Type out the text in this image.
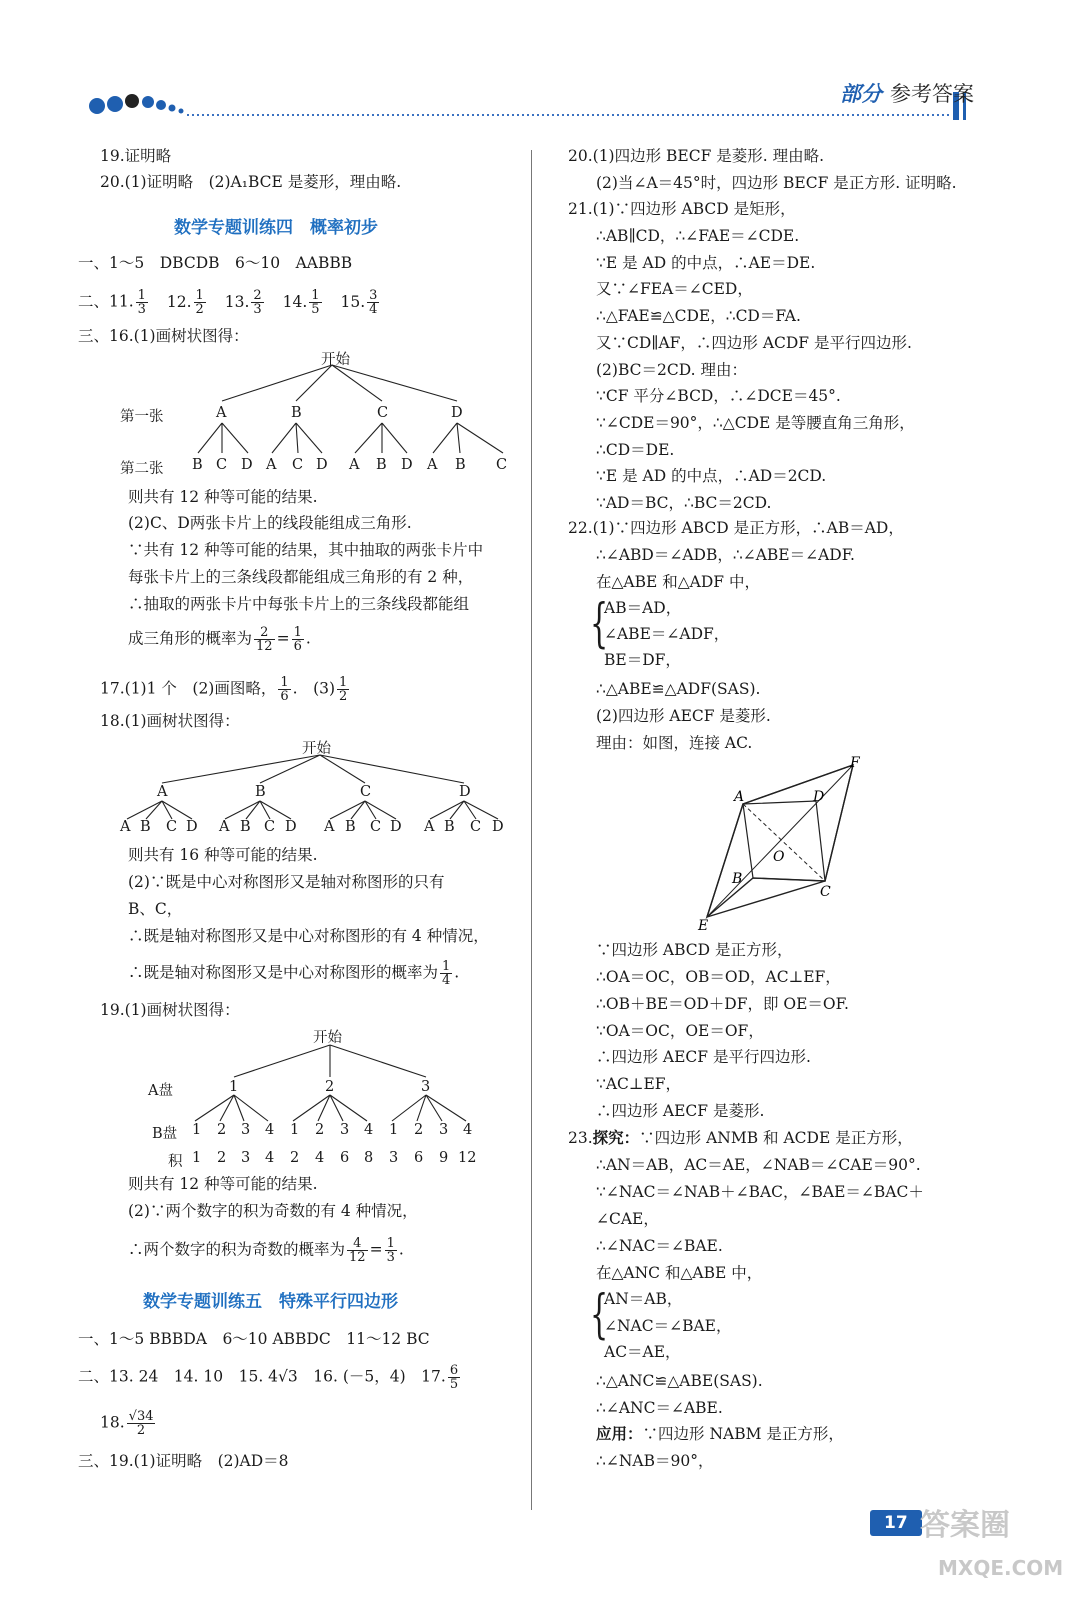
部分 参考答案
19.证明略
20.(1)证明略　(2)A₁BCE 是菱形，理由略.
数学专题训练四　概率初步
一、1～5　DBCDB　6～10　AABBB
二、11. $\frac{1}{3} 12$. $\frac{1}{2} 13$. $\frac{2}{3} 14$. $\frac{1}{5} 15$. $\frac{3}{4}$
三、16.(1)画树状图得：
开始
第一张	A	B	C	D
第二张 B C D A C D A B D A B C
则共有 12 种等可能的结果.
(2)C、D两张卡片上的线段能组成三角形.
∵共有 12 种等可能的结果，其中抽取的两张卡片中
每张卡片上的三条线段都能组成三角形的有 2 种，
∴抽取的两张卡片中每张卡片上的三条线段都能组
成三角形的概率为 $\frac{2}{12} = \frac{1}{6}$ .
17.(1)1 个　(2)画图略， $\frac{1}{6}$ .　$(3) \frac{1}{2}$
18.(1)画树状图得：
开始
A	B	C	D
A B C D A B C D A B C D A B C D
则共有 16 种等可能的结果.
(2)∵既是中心对称图形又是轴对称图形的只有
B、C，
∴既是轴对称图形又是中心对称图形的有 4 种情况，
∴既是轴对称图形又是中心对称图形的概率为 $\frac{1}{4}$ .
19.(1)画树状图得：
开始
A盘	1	2	3
B盘 1 2 3 4 1 2 3 4 1 2 3 4
积 1 2 3 4 2 4 6 8 3 6 9 12
则共有 12 种等可能的结果.
(2)∵两个数字的积为奇数的有 4 种情况，
∴两个数字的积为奇数的概率为 $\frac{4}{12} = \frac{1}{3}$ .
数学专题训练五　特殊平行四边形
一、1～5 BBBDA　6～10 ABBDC　11～12 BC
二、13. 24　14. 10　15. 4√3　16. (－5，4)　17. $\frac{6}{5}$
18. $\frac{√34}{2}$
三、19.(1)证明略　(2)AD＝8
20.(1)四边形 BECF 是菱形. 理由略.
(2)当∠A＝45°时，四边形 BECF 是正方形. 证明略.
21.(1)∵四边形 ABCD 是矩形，
∴AB∥CD，∴∠FAE＝∠CDE.
∵E 是 AD 的中点，∴AE＝DE.
又∵∠FEA＝∠CED，
∴△FAE≌△CDE，∴CD＝FA.
又∵CD∥AF，∴四边形 ACDF 是平行四边形.
(2)BC＝2CD. 理由：
∵CF 平分∠BCD，∴∠DCE＝45°.
∵∠CDE＝90°，∴△CDE 是等腰直角三角形，
∴CD＝DE.
∵E 是 AD 的中点，∴AD＝2CD.
∵AD＝BC，∴BC＝2CD.
22.(1)∵四边形 ABCD 是正方形，∴AB＝AD，
∴∠ABD＝∠ADB，∴∠ABE＝∠ADF.
在△ABE 和△ADF 中，
{
AB＝AD，
∠ABE＝∠ADF，
BE＝DF，
∴△ABE≌△ADF(SAS).
(2)四边形 AECF 是菱形.
理由：如图，连接 AC.
A
B
C
D
E
F
O
∵四边形 ABCD 是正方形，
∴OA＝OC，OB＝OD，AC⊥EF，
∴OB＋BE＝OD＋DF，即 OE＝OF.
∵OA＝OC，OE＝OF，
∴四边形 AECF 是平行四边形.
∵AC⊥EF，
∴四边形 AECF 是菱形.
23.探究：∵四边形 ANMB 和 ACDE 是正方形，
∴AN＝AB，AC＝AE，∠NAB＝∠CAE＝90°.
∵∠NAC＝∠NAB＋∠BAC，∠BAE＝∠BAC＋
∠CAE，
∴∠NAC＝∠BAE.
在△ANC 和△ABE 中，
{
AN＝AB，
∠NAC＝∠BAE，
AC＝AE，
∴△ANC≌△ABE(SAS).
∴∠ANC＝∠ABE.
应用：∵四边形 NABM 是正方形，
∴∠NAB＝90°，
17 答案圈
MXQE.COM
